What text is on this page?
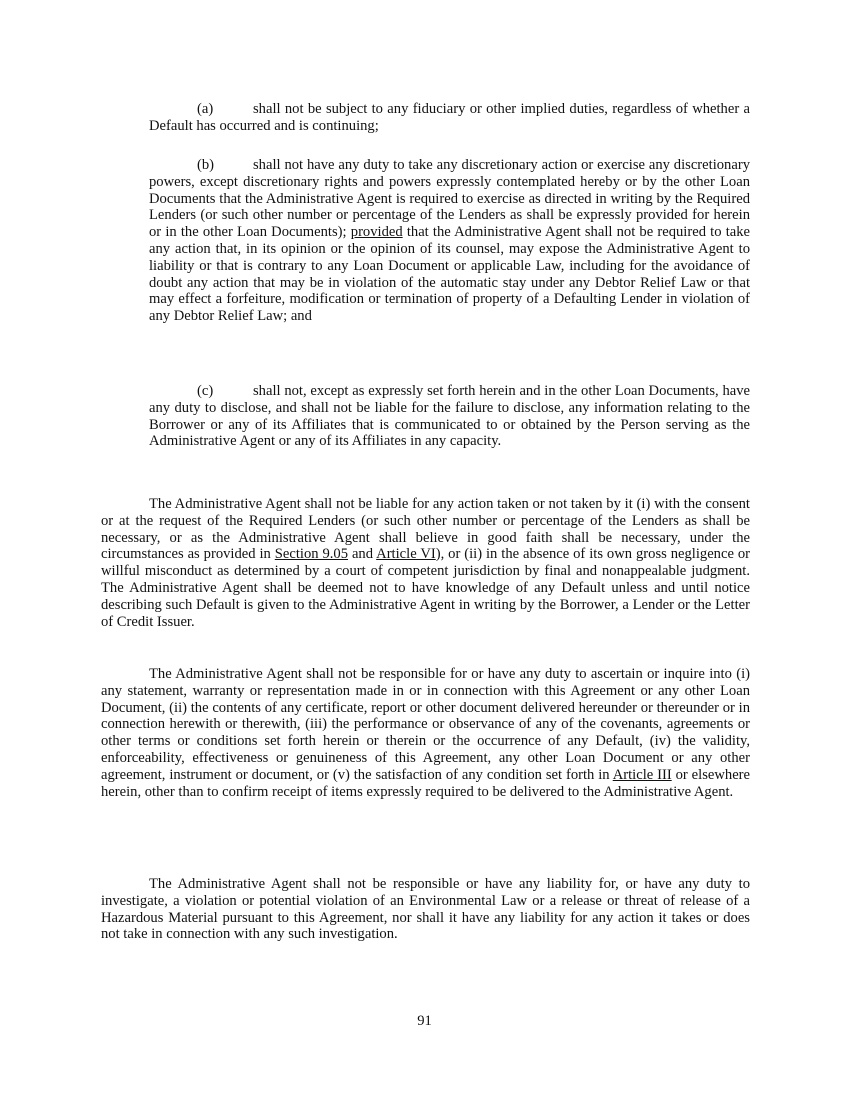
(a)	shall not be subject to any fiduciary or other implied duties, regardless of whether a Default has occurred and is continuing;

(b)	shall not have any duty to take any discretionary action or exercise any discretionary powers, except discretionary rights and powers expressly contemplated hereby or by the other Loan Documents that the Administrative Agent is required to exercise as directed in writing by the Required Lenders (or such other number or percentage of the Lenders as shall be expressly provided for herein or in the other Loan Documents); provided that the Administrative Agent shall not be required to take any action that, in its opinion or the opinion of its counsel, may expose the Administrative Agent to liability or that is contrary to any Loan Document or applicable Law, including for the avoidance of doubt any action that may be in violation of the automatic stay under any Debtor Relief Law or that may effect a forfeiture, modification or termination of property of a Defaulting Lender in violation of any Debtor Relief Law; and

(c)	shall not, except as expressly set forth herein and in the other Loan Documents, have any duty to disclose, and shall not be liable for the failure to disclose, any information relating to the Borrower or any of its Affiliates that is communicated to or obtained by the Person serving as the Administrative Agent or any of its Affiliates in any capacity.

The Administrative Agent shall not be liable for any action taken or not taken by it (i) with the consent or at the request of the Required Lenders (or such other number or percentage of the Lenders as shall be necessary, or as the Administrative Agent shall believe in good faith shall be necessary, under the circumstances as provided in Section 9.05 and Article VI), or (ii) in the absence of its own gross negligence or willful misconduct as determined by a court of competent jurisdiction by final and nonappealable judgment. The Administrative Agent shall be deemed not to have knowledge of any Default unless and until notice describing such Default is given to the Administrative Agent in writing by the Borrower, a Lender or the Letter of Credit Issuer.

The Administrative Agent shall not be responsible for or have any duty to ascertain or inquire into (i) any statement, warranty or representation made in or in connection with this Agreement or any other Loan Document, (ii) the contents of any certificate, report or other document delivered hereunder or thereunder or in connection herewith or therewith, (iii) the performance or observance of any of the covenants, agreements or other terms or conditions set forth herein or therein or the occurrence of any Default, (iv) the validity, enforceability, effectiveness or genuineness of this Agreement, any other Loan Document or any other agreement, instrument or document, or (v) the satisfaction of any condition set forth in Article III or elsewhere herein, other than to confirm receipt of items expressly required to be delivered to the Administrative Agent.

The Administrative Agent shall not be responsible or have any liability for, or have any duty to investigate, a violation or potential violation of an Environmental Law or a release or threat of release of a Hazardous Material pursuant to this Agreement, nor shall it have any liability for any action it takes or does not take in connection with any such investigation.

91
